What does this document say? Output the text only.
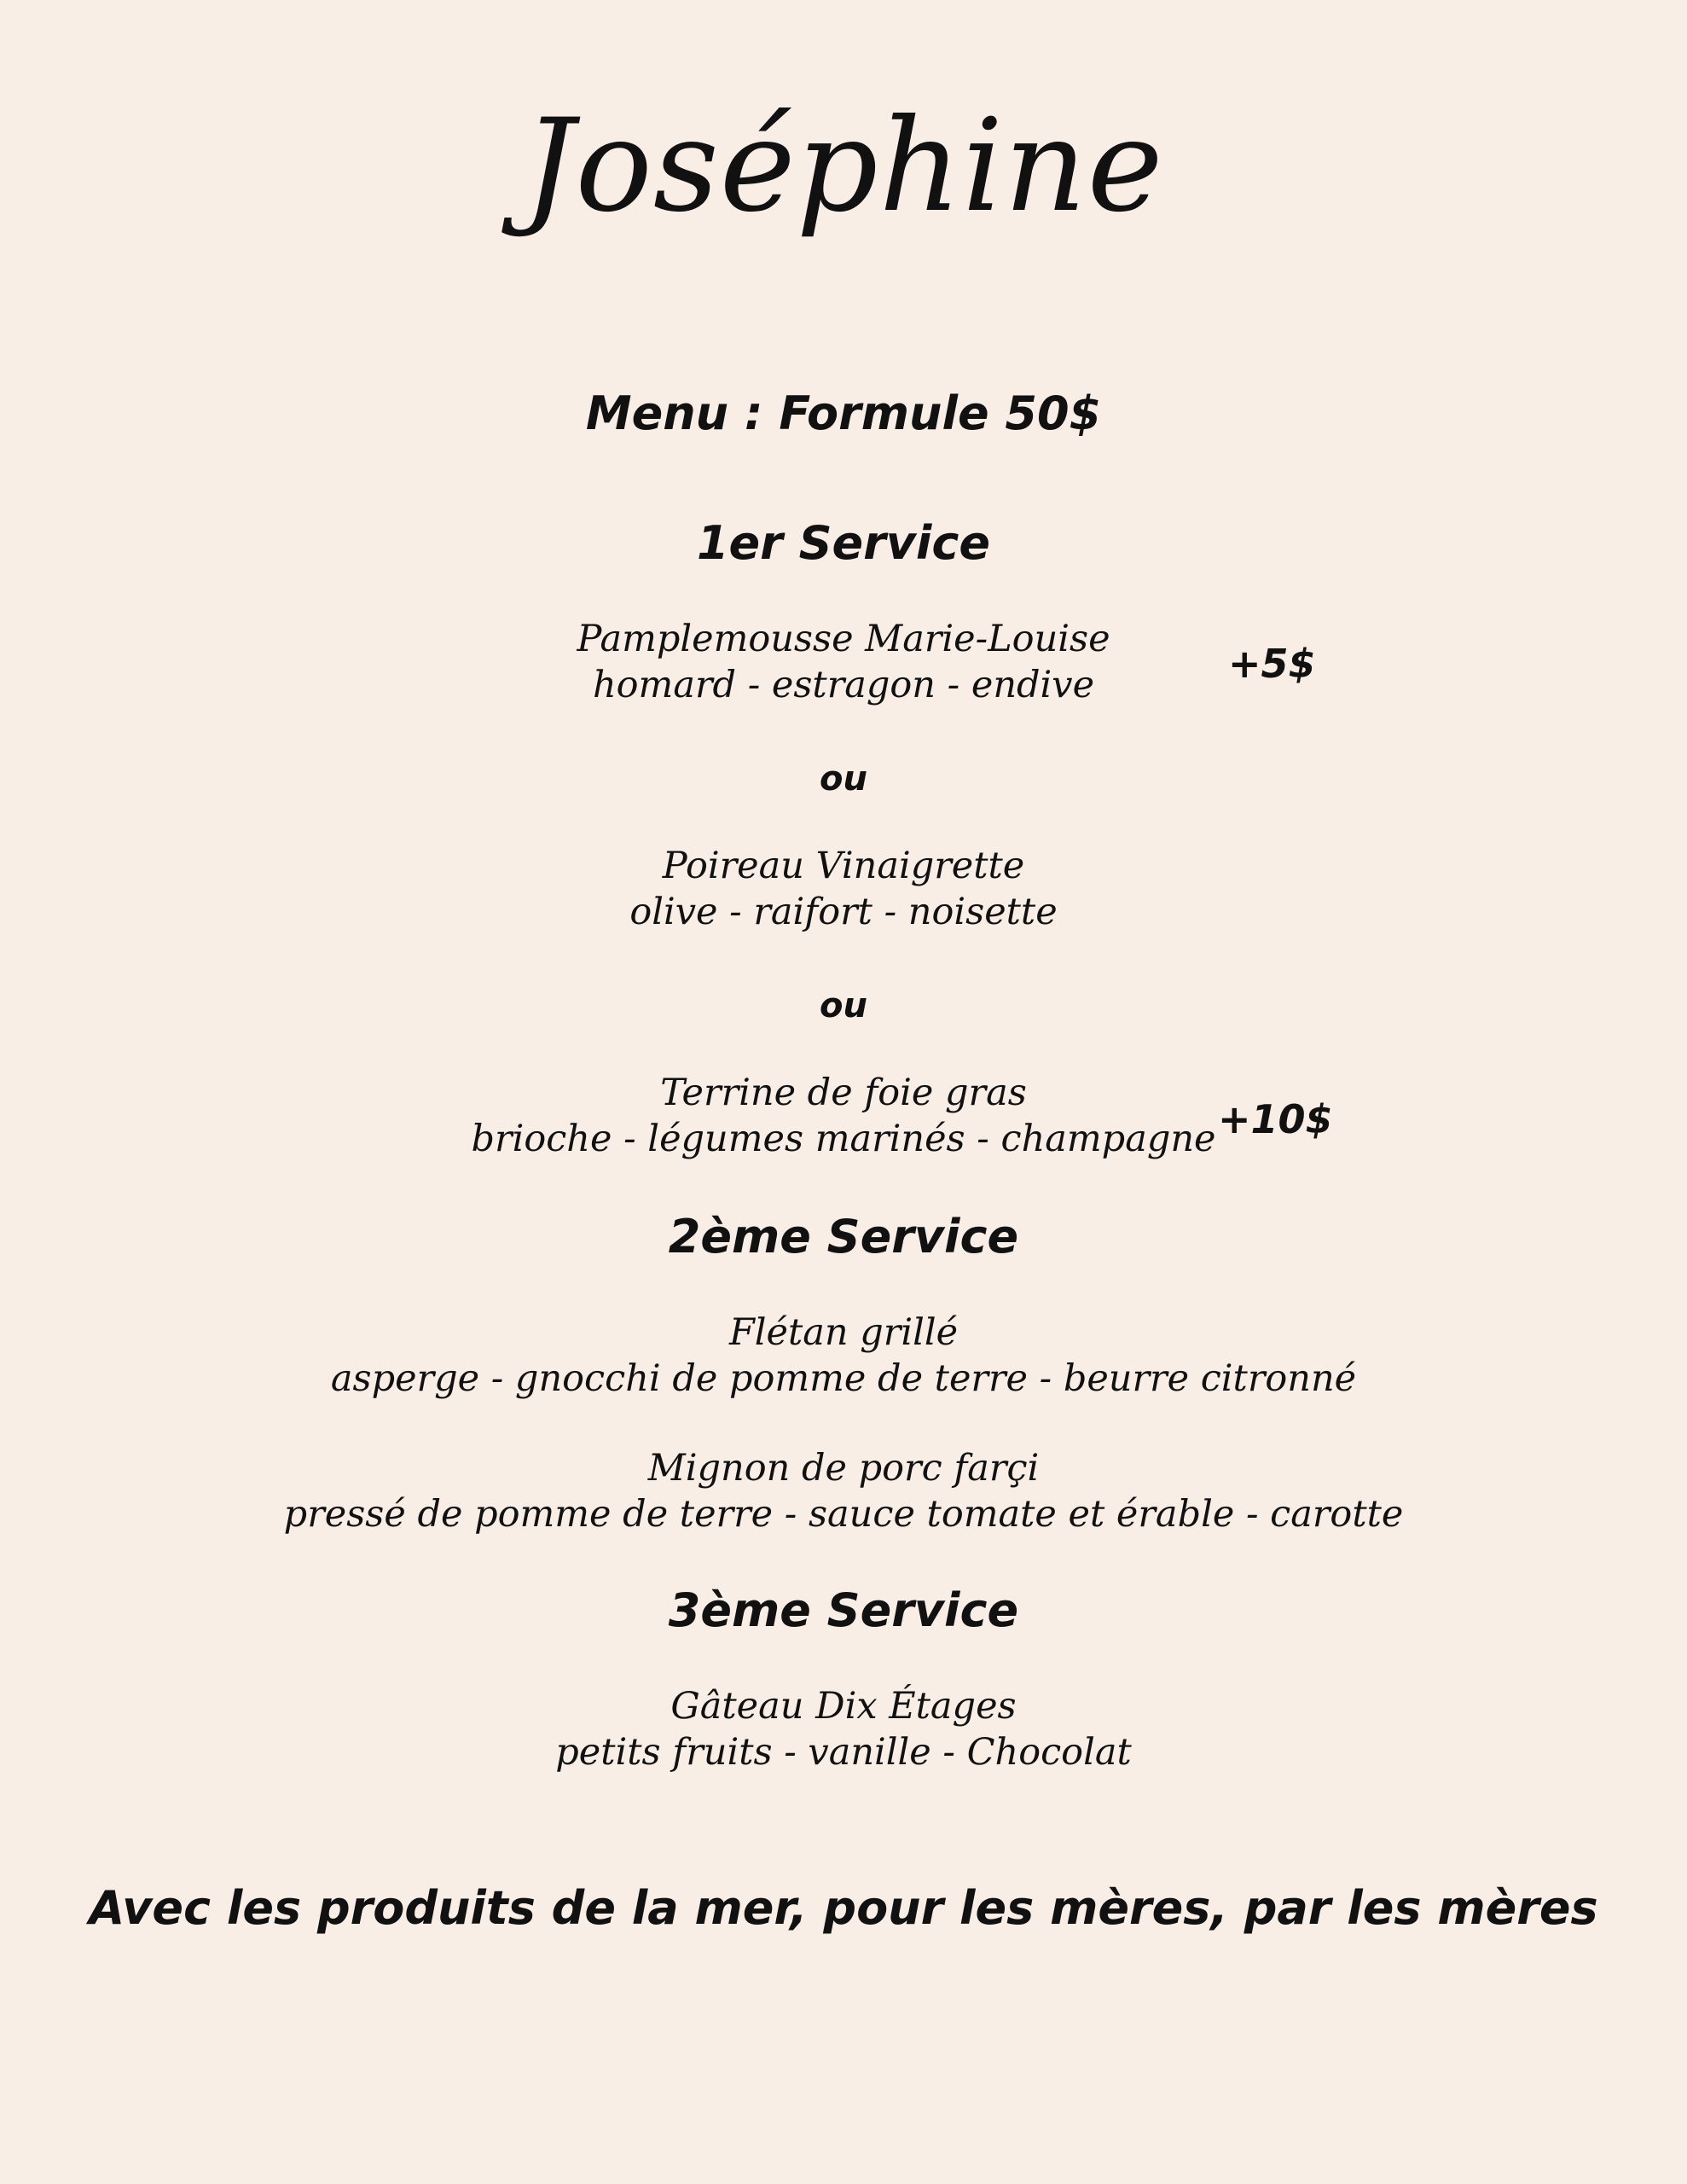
Joséphine
Menu : Formule 50$
1er Service
Pamplemousse Marie-Louise
homard - estragon - endive	+5$
ou
Poireau Vinaigrette
olive - raifort - noisette
ou
Terrine de foie gras
brioche - légumes marinés - champagne +10$
2ème Service
Flétan grillé
asperge - gnocchi de pomme de terre - beurre citronné
Mignon de porc farçi
pressé de pomme de terre - sauce tomate et érable - carotte
3ème Service
Gâteau Dix Étages
petits fruits - vanille - Chocolat
Avec les produits de la mer, pour les mères, par les mères
